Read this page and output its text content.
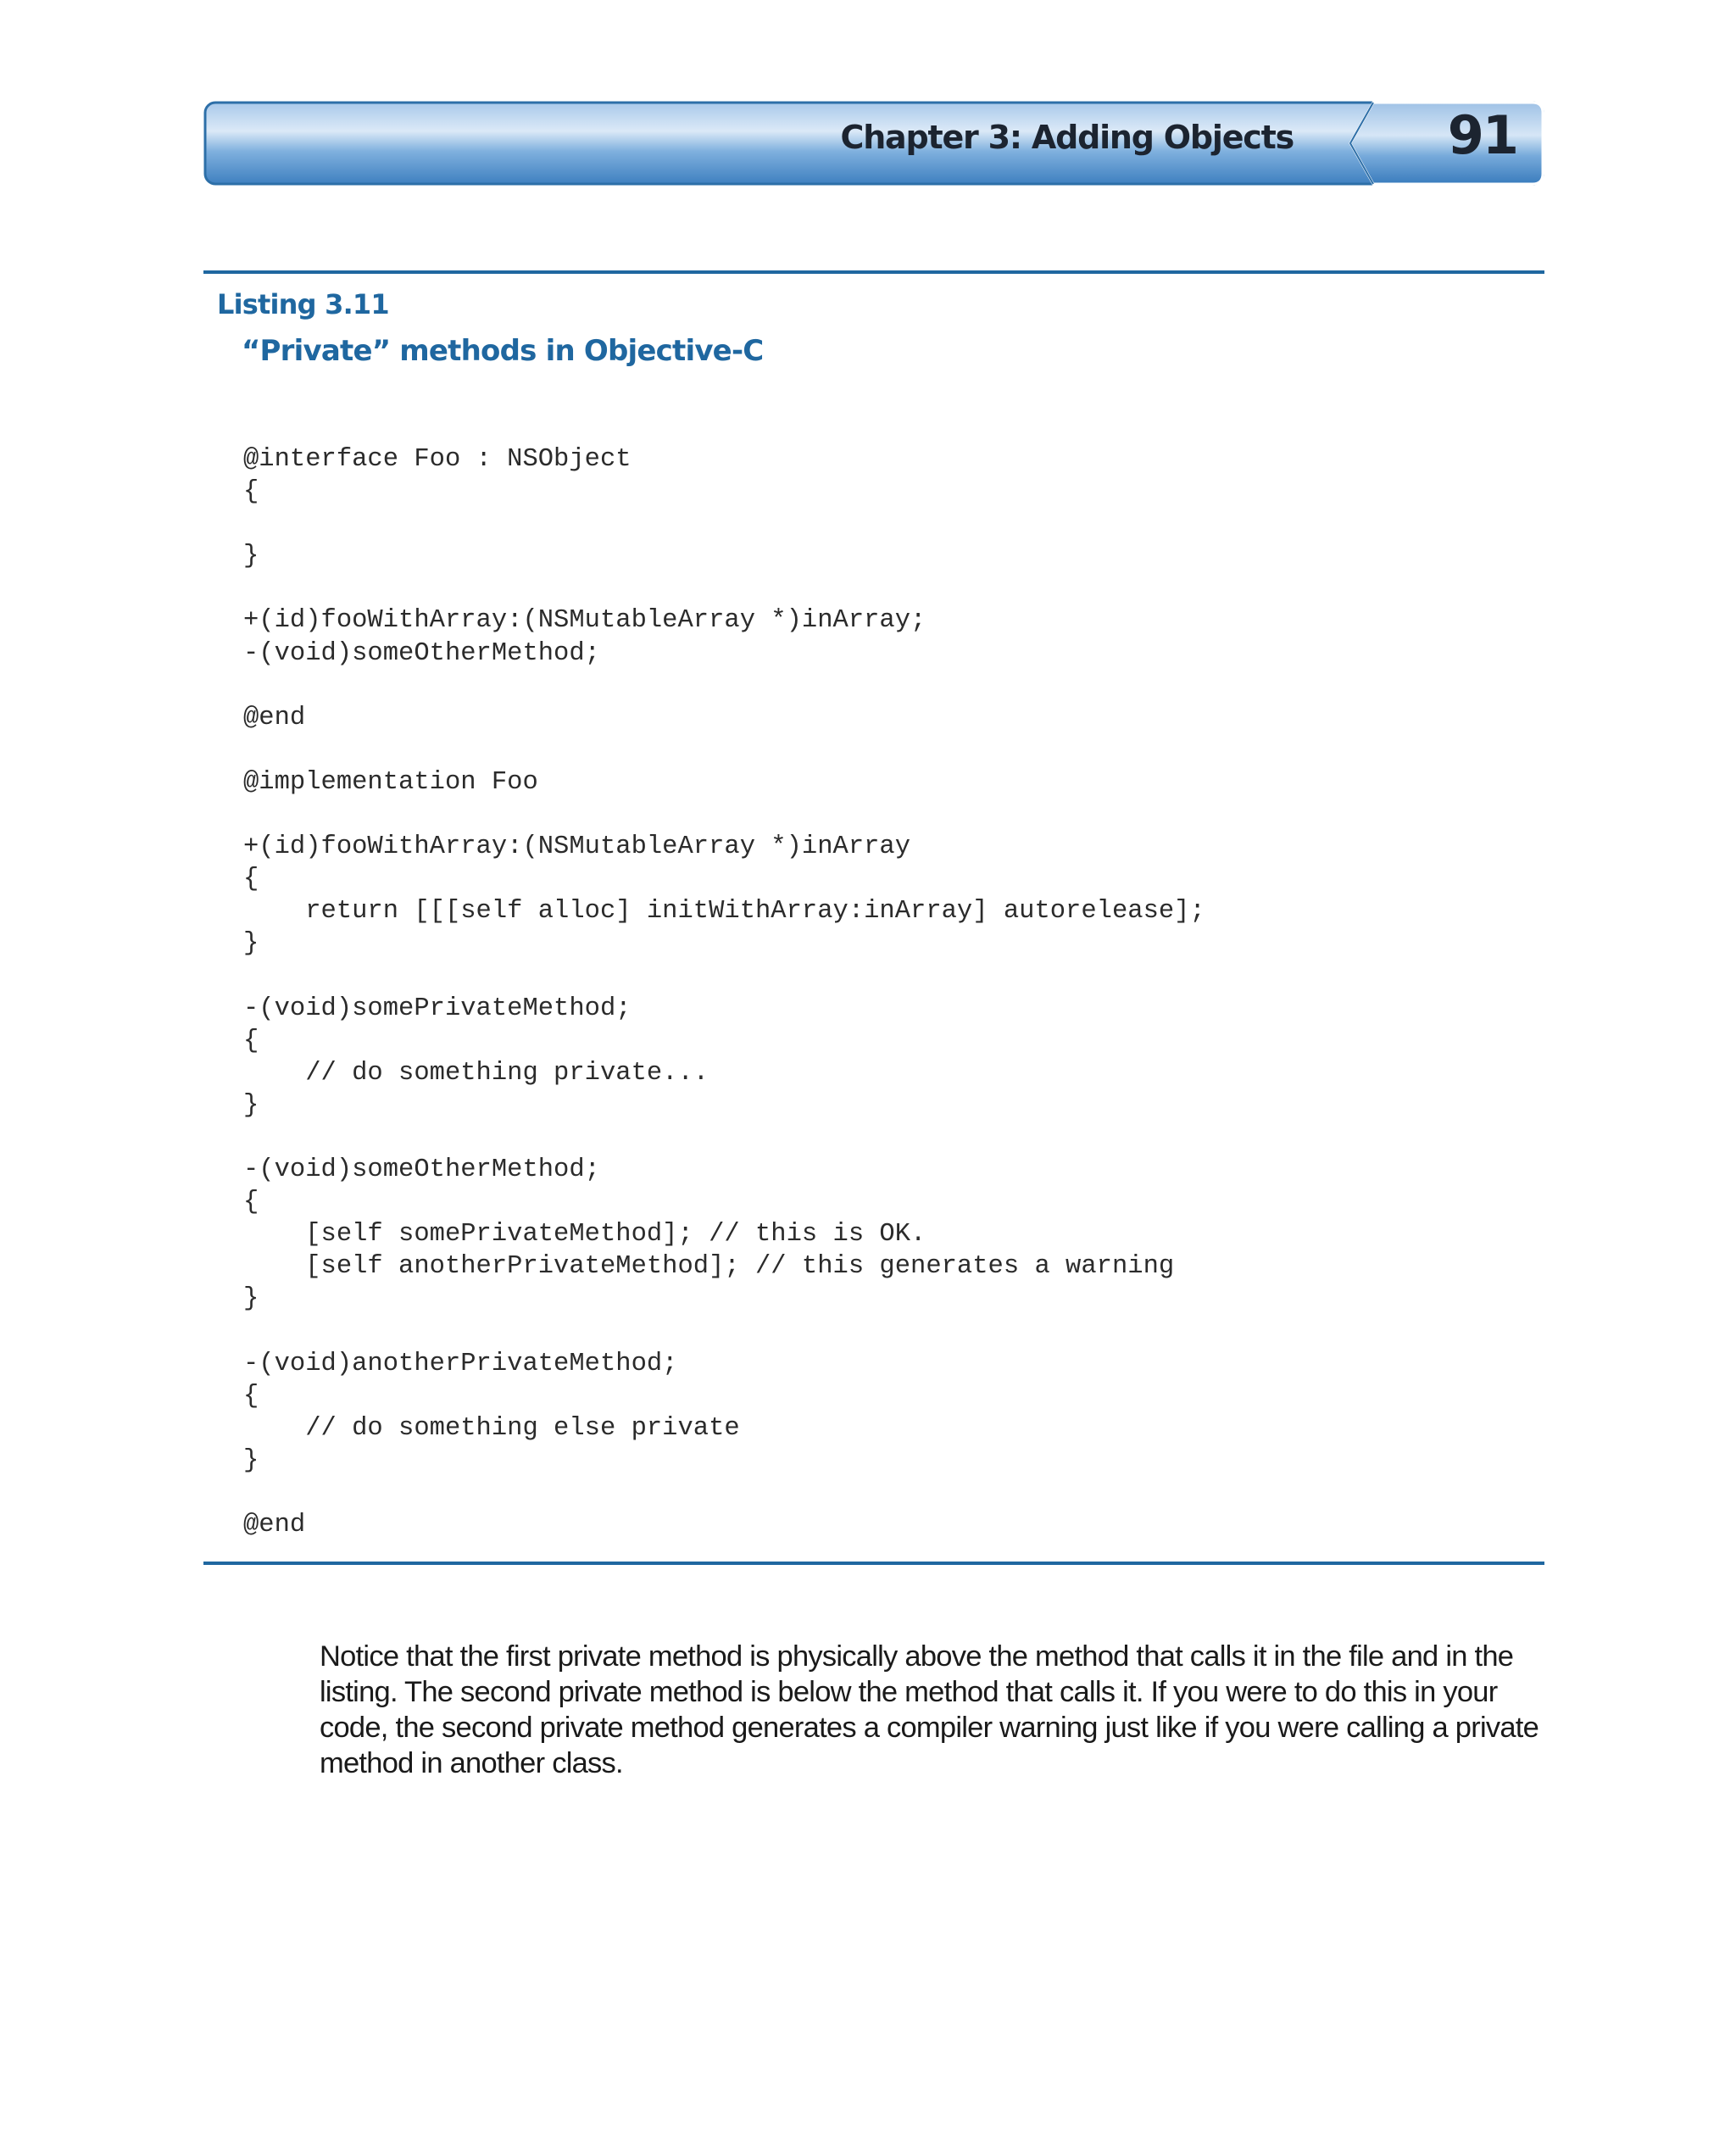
Chapter 3: Adding Objects	91
Listing 3.11
“Private” methods in Objective-C
@interface Foo : NSObject
{
}
+(id)fooWithArray:(NSMutableArray *)inArray;
-(void)someOtherMethod;
@end
@implementation Foo
+(id)fooWithArray:(NSMutableArray *)inArray
{
return [[[self alloc] initWithArray:inArray] autorelease];
}
-(void)somePrivateMethod;
{
// do something private...
}
-(void)someOtherMethod;
{
[self somePrivateMethod]; // this is OK.
[self anotherPrivateMethod]; // this generates a warning
}
-(void)anotherPrivateMethod;
{
// do something else private
}
@end

Notice that the first private method is physically above the method that calls it in the file and in the listing. The second private method is below the method that calls it. If you were to do this in your code, the second private method generates a compiler warning just like if you were calling a private method in another class.
